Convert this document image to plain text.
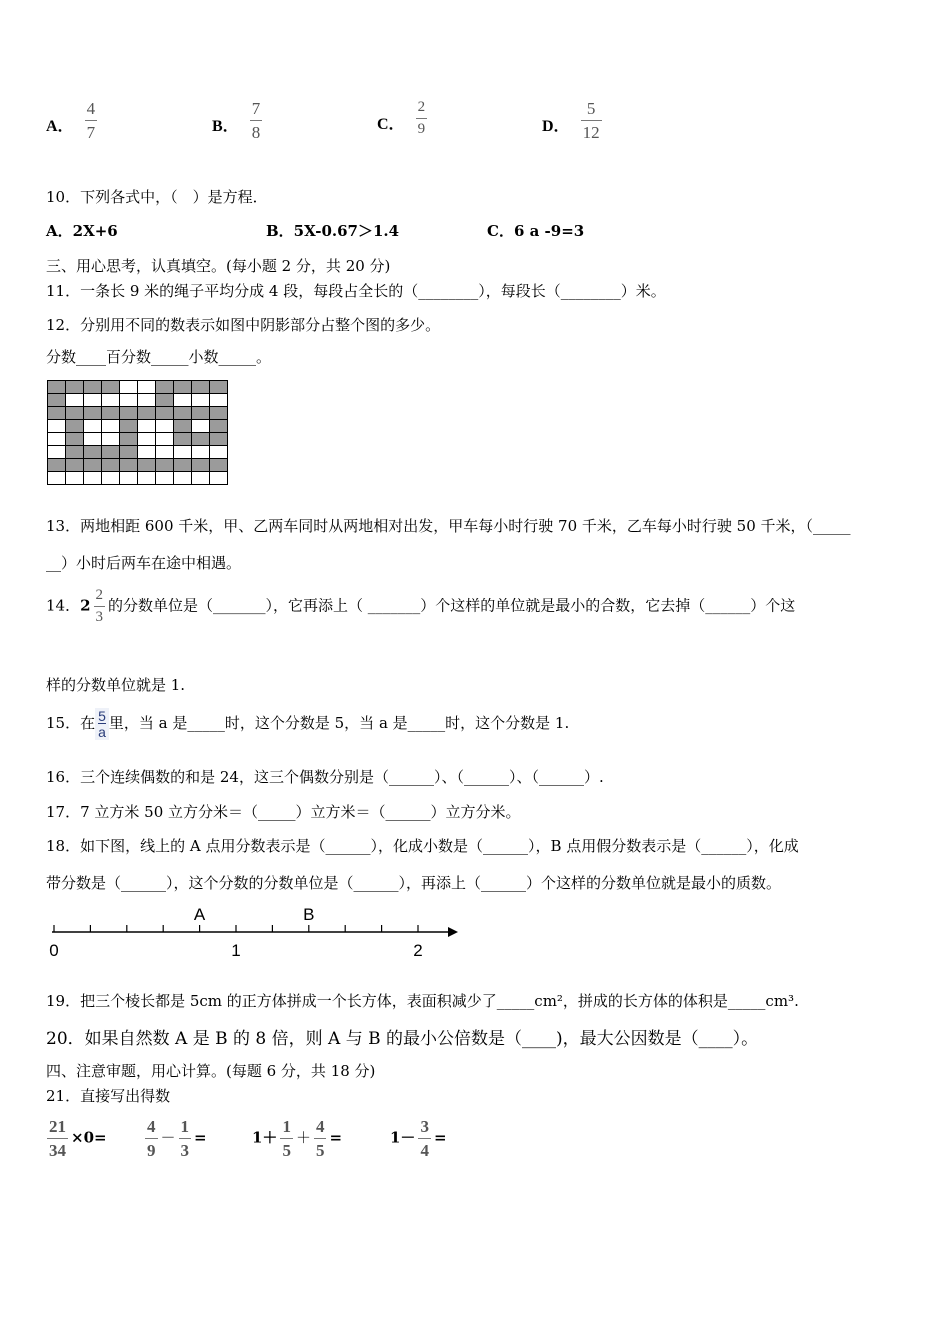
A． $\frac{4}{7}$	B． $\frac{7}{8}$	C． $\frac{2}{9}$	D． $\frac{5}{12}$
10．下列各式中，（　）是方程．
A．2X+6	B．5X-0.67＞1.4	C．6 a -9=3
三、用心思考，认真填空。(每小题 2 分，共 20 分)
11．一条长 9 米的绳子平均分成 4 段，每段占全长的（________），每段长（________）米。
12．分别用不同的数表示如图中阴影部分占整个图的多少。
分数____百分数_____小数_____。

13．两地相距 600 千米，甲、乙两车同时从两地相对出发，甲车每小时行驶 70 千米，乙车每小时行驶 50 千米，（_____
__）小时后两车在途中相遇。
14．$2 \frac{2}{3}$ 的分数单位是（_______），它再添上（ _______）个这样的单位就是最小的合数，它去掉（______）个这
样的分数单位就是 1.
15．在 $\frac{5}{a}$ 里，当 a 是_____时，这个分数是 5，当 a 是_____时，这个分数是 1.
16．三个连续偶数的和是 24，这三个偶数分别是（______）、（______）、（______）.
17．7 立方米 50 立方分米＝（_____）立方米＝（______）立方分米。
18．如下图，线上的 A 点用分数表示是（______），化成小数是（______），B 点用假分数表示是（______），化成
带分数是（______），这个分数的分数单位是（______），再添上（______）个这样的分数单位就是最小的质数。
A	B
0	1	2
19．把三个棱长都是 5cm 的正方体拼成一个长方体，表面积减少了_____cm²，拼成的长方体的体积是_____cm³.
20．如果自然数 A 是 B 的 8 倍，则 A 与 B 的最小公倍数是（____)，最大公因数是（____）。
四、注意审题，用心计算。(每题 6 分，共 18 分)
21．直接写出得数
$\frac{21}{34} \times 0= \frac{4}{9} - \frac{1}{3}$ =	$1+ \frac{1}{5} + \frac{4}{5}$ =	$1- \frac{3}{4}$ =
